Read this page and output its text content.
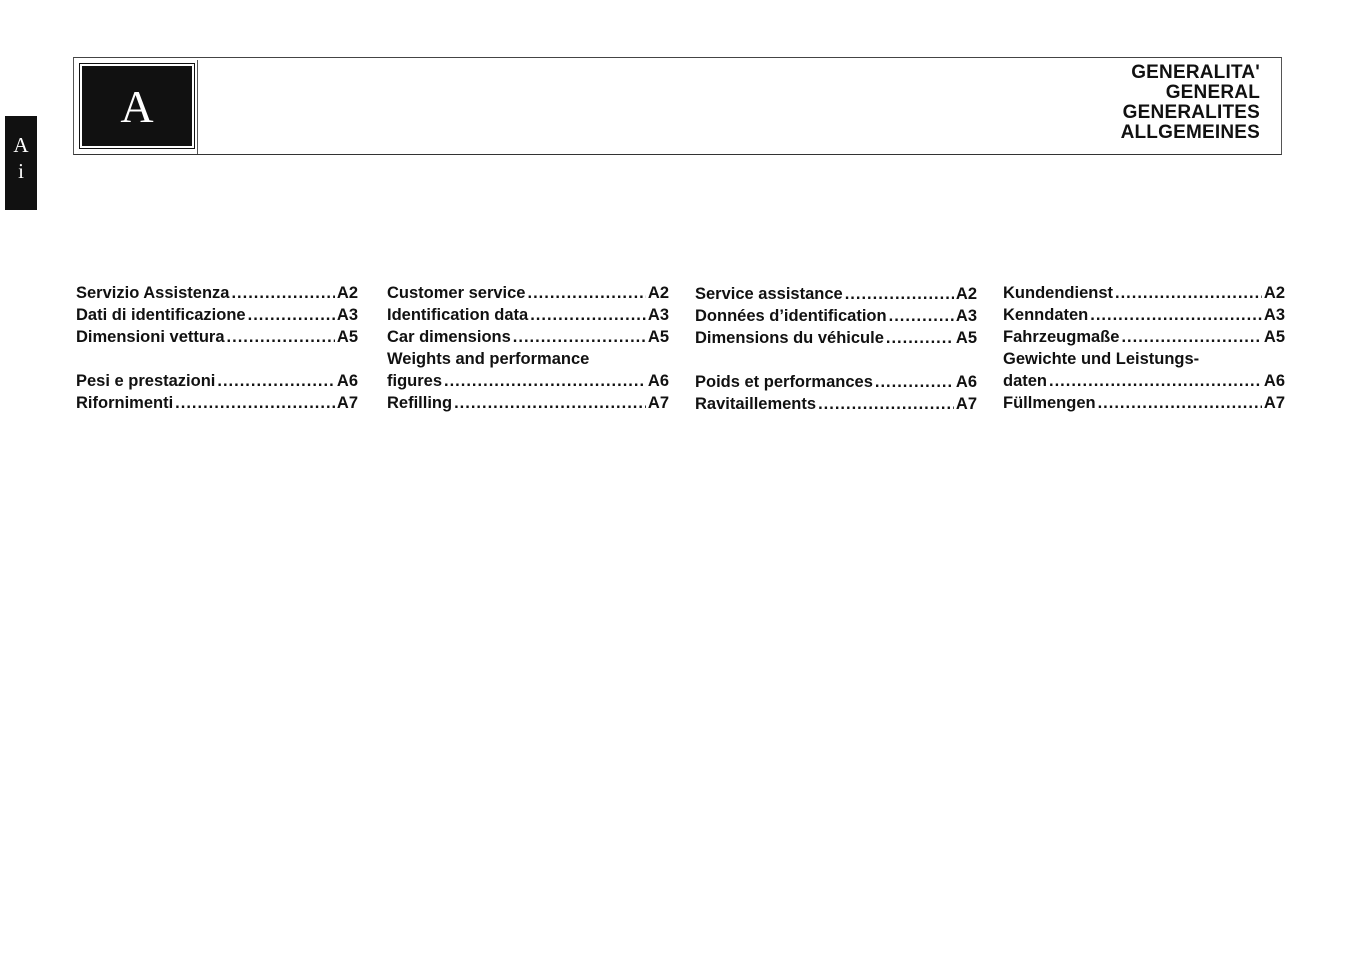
A
i
A
GENERALITA'
GENERAL
GENERALITES
ALLGEMEINES
Servizio Assistenza .....	A2
Dati di identificazione .....	A3
Dimensioni vettura .....	A5
Pesi e prestazioni .....	A6
Rifornimenti .....	A7
Customer service .....	A2
Identification data .....	A3
Car dimensions .....	A5
Weights and performance
figures .....	A6
Refilling .....	A7
Service assistance .....	A2
Données d’identification .....	A3
Dimensions du véhicule .....	A5
Poids et performances .....	A6
Ravitaillements .....	A7
Kundendienst .....	A2
Kenndaten .....	A3
Fahrzeugmaße .....	A5
Gewichte und Leistungs-
daten .....	A6
Füllmengen .....	A7
